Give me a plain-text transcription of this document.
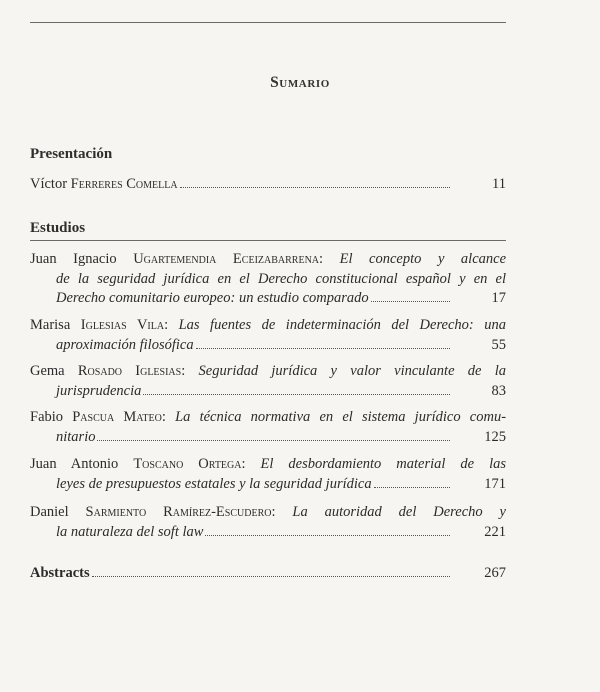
Sumario
Presentación
Víctor Ferreres Comella	11
Estudios
Juan Ignacio Ugartemendia Eceizabarrena: El concepto y alcance
de la seguridad jurídica en el Derecho constitucional español y en el
Derecho comunitario europeo: un estudio comparado	17
Marisa Iglesias Vila: Las fuentes de indeterminación del Derecho: una
aproximación filosófica	55
Gema Rosado Iglesias: Seguridad jurídica y valor vinculante de la
jurisprudencia	83
Fabio Pascua Mateo: La técnica normativa en el sistema jurídico comu-
nitario	125
Juan Antonio Toscano Ortega: El desbordamiento material de las
leyes de presupuestos estatales y la seguridad jurídica	171
Daniel Sarmiento Ramírez-Escudero: La autoridad del Derecho y
la naturaleza del soft law	221
Abstracts	267
